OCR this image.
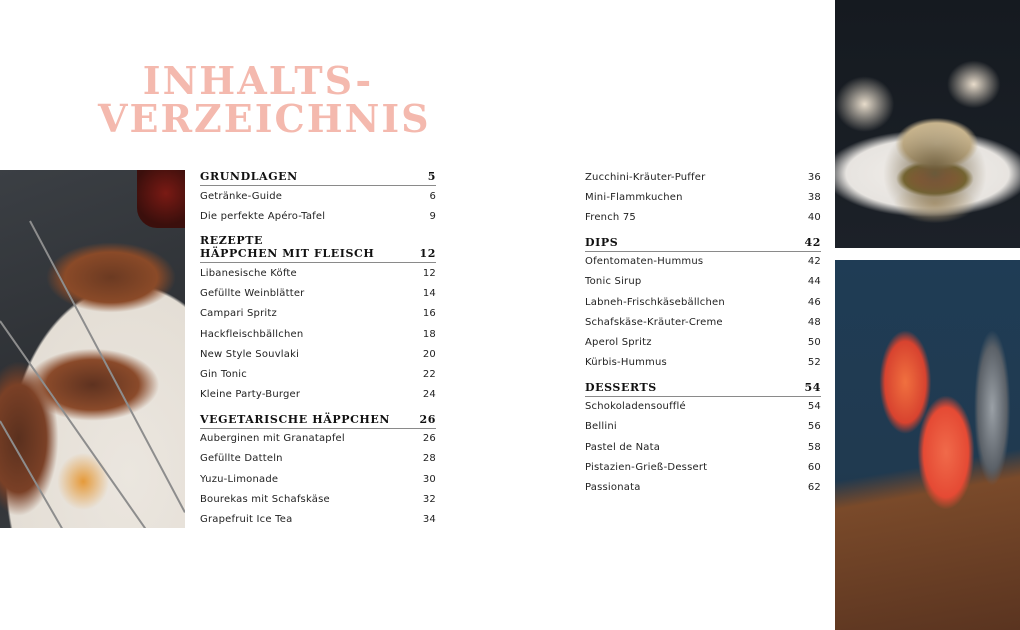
INHALTS-
VERZEICHNIS
GRUNDLAGEN	5
Getränke-Guide	6
Die perfekte Apéro-Tafel	9
REZEPTE
HÄPPCHEN MIT FLEISCH	12
Libanesische Köfte	12
Gefüllte Weinblätter	14
Campari Spritz	16
Hackfleischbällchen	18
New Style Souvlaki	20
Gin Tonic	22
Kleine Party-Burger	24
VEGETARISCHE HÄPPCHEN	26
Auberginen mit Granatapfel	26
Gefüllte Datteln	28
Yuzu-Limonade	30
Bourekas mit Schafskäse	32
Grapefruit Ice Tea	34
Zucchini-Kräuter-Puffer	36
Mini-Flammkuchen	38
French 75	40
DIPS	42
Ofentomaten-Hummus	42
Tonic Sirup	44
Labneh-Frischkäsebällchen	46
Schafskäse-Kräuter-Creme	48
Aperol Spritz	50
Kürbis-Hummus	52
DESSERTS	54
Schokoladensoufflé	54
Bellini	56
Pastel de Nata	58
Pistazien-Grieß-Dessert	60
Passionata	62
